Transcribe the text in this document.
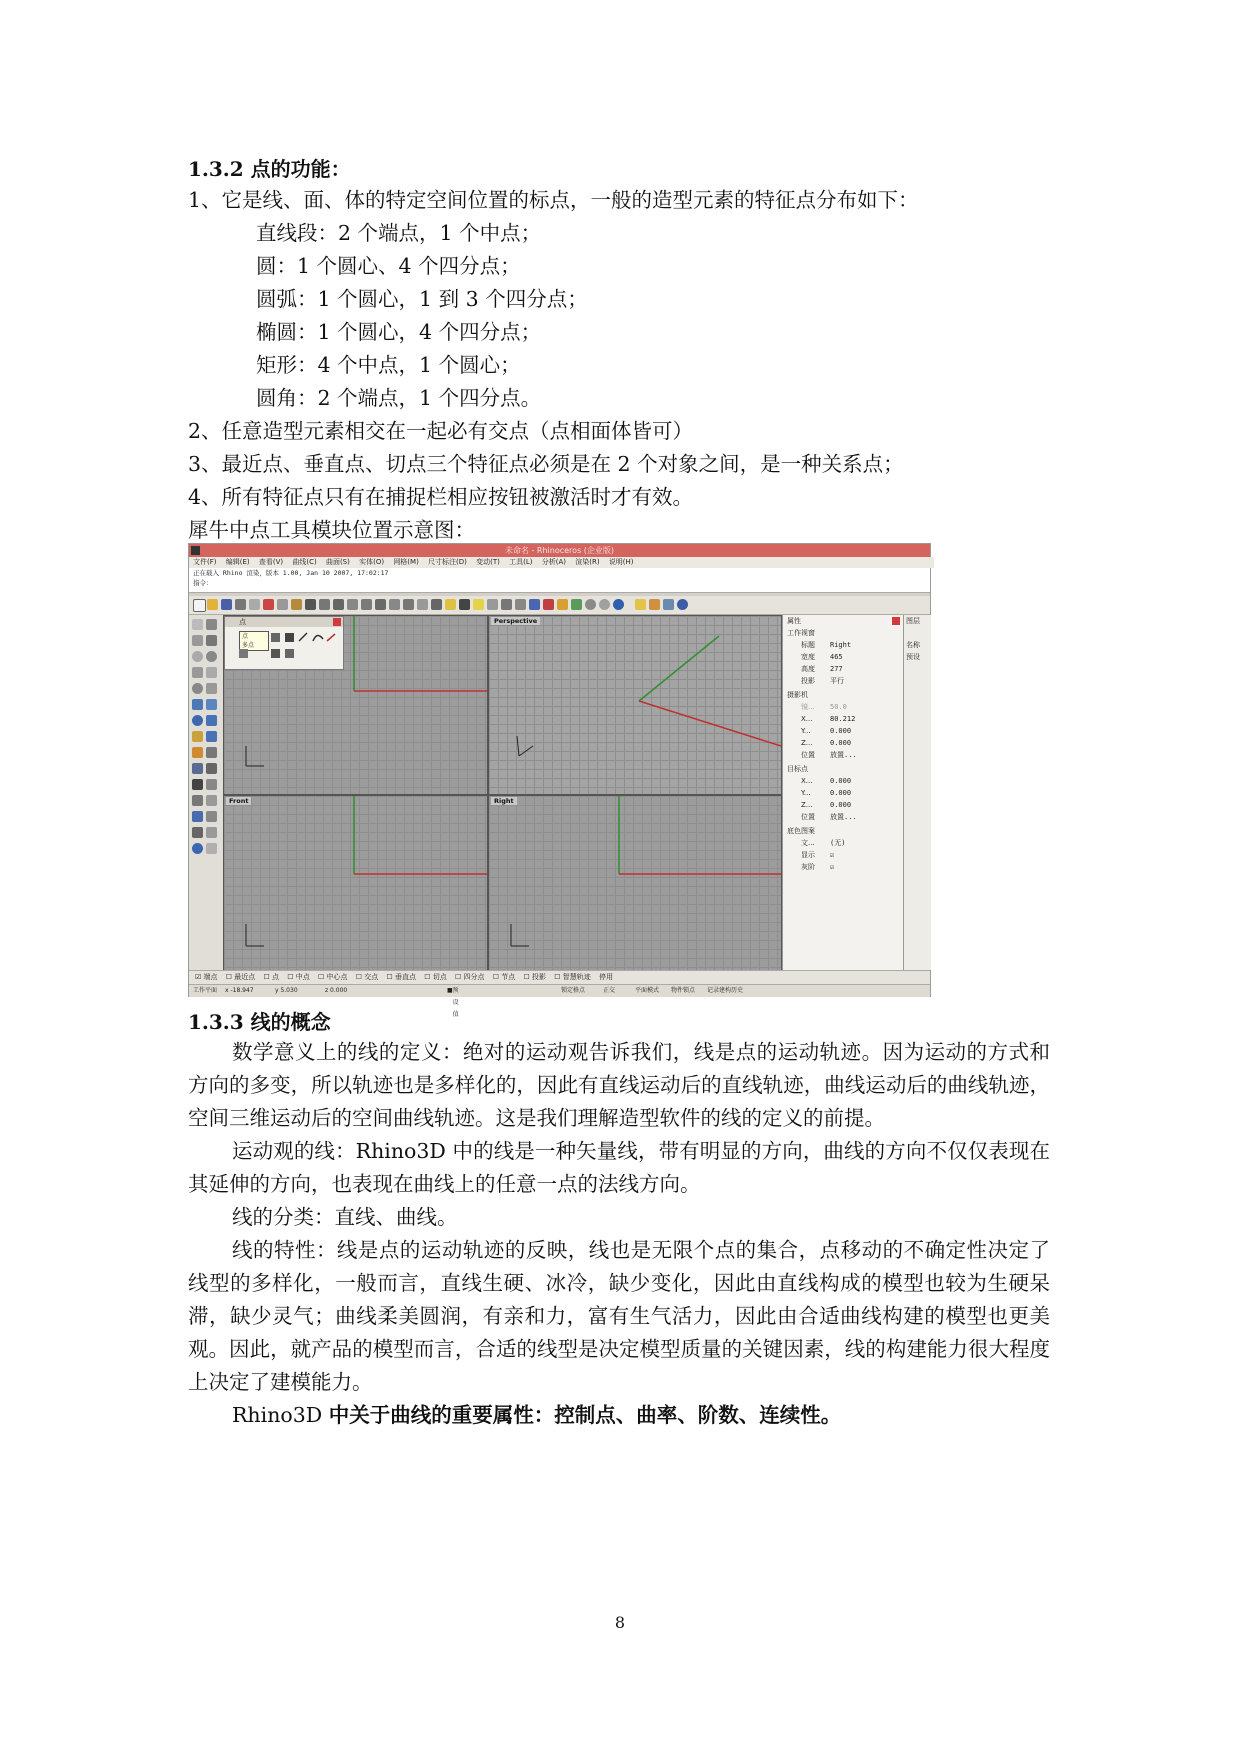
1.3.2 点的功能：
1、它是线、面、体的特定空间位置的标点，一般的造型元素的特征点分布如下：
直线段：2 个端点，1 个中点；
圆：1 个圆心、4 个四分点；
圆弧：1 个圆心，1 到 3 个四分点；
椭圆：1 个圆心，4 个四分点；
矩形：4 个中点，1 个圆心；
圆角：2 个端点，1 个四分点。
2、任意造型元素相交在一起必有交点（点相面体皆可）
3、最近点、垂直点、切点三个特征点必须是在 2 个对象之间，是一种关系点；
4、所有特征点只有在捕捉栏相应按钮被激活时才有效。
犀牛中点工具模块位置示意图：
未命名 - Rhinoceros (企业版)
文件(F) 编辑(E) 查看(V) 曲线(C) 曲面(S) 实体(O) 网格(M) 尺寸标注(D) 变动(T) 工具(L) 分析(A) 渲染(R) 说明(H)
正在载入 Rhino 渲染，版本 1.00, Jan 10 2007, 17:02:17
指令：
点
点
多点
Perspective
Front	Right
属性
工作视窗
标题 Right
宽度 465
高度 277
投影 平行
摄影机
镜... 50.0
X...	80.212
Y...	0.000
Z...	0.000
位置 放置...
目标点
X...	0.000
Y...	0.000
Z...	0.000
位置 放置...
底色图案
文... (无)
显示 ☑
灰阶 ☑
图层
名称
预设
☑ 端点 ☐ 最近点 ☐ 点 ☐ 中点 ☐ 中心点 ☐ 交点 ☐ 垂直点 ☐ 切点 ☐ 四分点 ☐ 节点 ☐ 投影 ☐ 智慧轨迹 停用
工作平面 x -18.947	y 5.030	z 0.000	■ 预设值
锁定格点	正交	平面模式 物件锁点 记录建构历史
1.3.3 线的概念
数学意义上的线的定义：绝对的运动观告诉我们，线是点的运动轨迹。因为运动的方式和方向的多变，所以轨迹也是多样化的，因此有直线运动后的直线轨迹，曲线运动后的曲线轨迹，空间三维运动后的空间曲线轨迹。这是我们理解造型软件的线的定义的前提。
运动观的线：Rhino3D 中的线是一种矢量线，带有明显的方向，曲线的方向不仅仅表现在其延伸的方向，也表现在曲线上的任意一点的法线方向。
线的分类：直线、曲线。
线的特性：线是点的运动轨迹的反映，线也是无限个点的集合，点移动的不确定性决定了线型的多样化，一般而言，直线生硬、冰冷，缺少变化，因此由直线构成的模型也较为生硬呆滞，缺少灵气；曲线柔美圆润，有亲和力，富有生气活力，因此由合适曲线构建的模型也更美观。因此，就产品的模型而言，合适的线型是决定模型质量的关键因素，线的构建能力很大程度上决定了建模能力。
Rhino3D 中关于曲线的重要属性：控制点、曲率、阶数、连续性。
8
